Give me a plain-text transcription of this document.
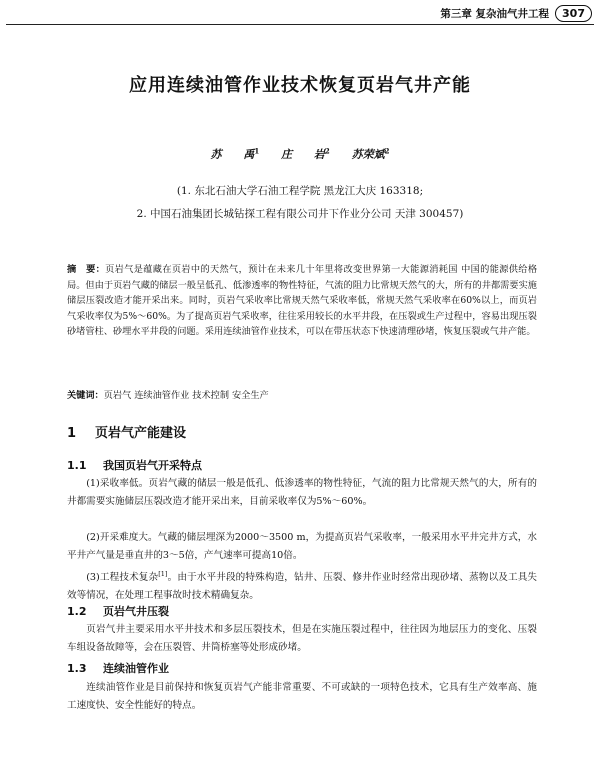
第三章 复杂油气井工程	307
应用连续油管作业技术恢复页岩气井产能
苏 禹$^1$ 庄 岩$^2$ 苏荣斌$^2$
(1. 东北石油大学石油工程学院 黑龙江大庆 163318;
2. 中国石油集团长城钻探工程有限公司井下作业分公司 天津 300457)
摘　要：页岩气是蕴藏在页岩中的天然气，预计在未来几十年里将改变世界第一大能源消耗国 中国的能源供给格局。但由于页岩气藏的储层一般呈低孔、低渗透率的物性特征，气流的阻力比常规天然气的大，所有的井都需要实施储层压裂改造才能开采出来。同时，页岩气采收率比常规天然气采收率低，常规天然气采收率在60%以上，而页岩气采收率仅为5%～60%。为了提高页岩气采收率，往往采用较长的水平井段，在压裂或生产过程中，容易出现压裂砂堵管柱、砂埋水平井段的问题。采用连续油管作业技术，可以在带压状态下快速清理砂堵，恢复压裂或气井产能。
关键词：页岩气 连续油管作业 技术控制 安全生产
1 页岩气产能建设
1.1 我国页岩气开采特点
(1)采收率低。页岩气藏的储层一般是低孔、低渗透率的物性特征，气流的阻力比常规天然气的大，所有的井都需要实施储层压裂改造才能开采出来，目前采收率仅为5%～60%。
(2)开采难度大。气藏的储层埋深为2000～3500 m，为提高页岩气采收率，一般采用水平井完井方式，水平井产气量是垂直井的3～5倍，产气速率可提高10倍。
(3)工程技术复杂[1]。由于水平井段的特殊构造，钻井、压裂、修井作业时经常出现砂堵、蒸物以及工具失效等情况，在处理工程事故时技术精确复杂。
1.2 页岩气井压裂
页岩气井主要采用水平井技术和多层压裂技术，但是在实施压裂过程中，往往因为地层压力的变化、压裂车组设备故障等，会在压裂管、井筒桥塞等处形成砂堵。
1.3 连续油管作业
连续油管作业是目前保持和恢复页岩气产能非常重要、不可或缺的一项特色技术，它具有生产效率高、施工速度快、安全性能好的特点。
